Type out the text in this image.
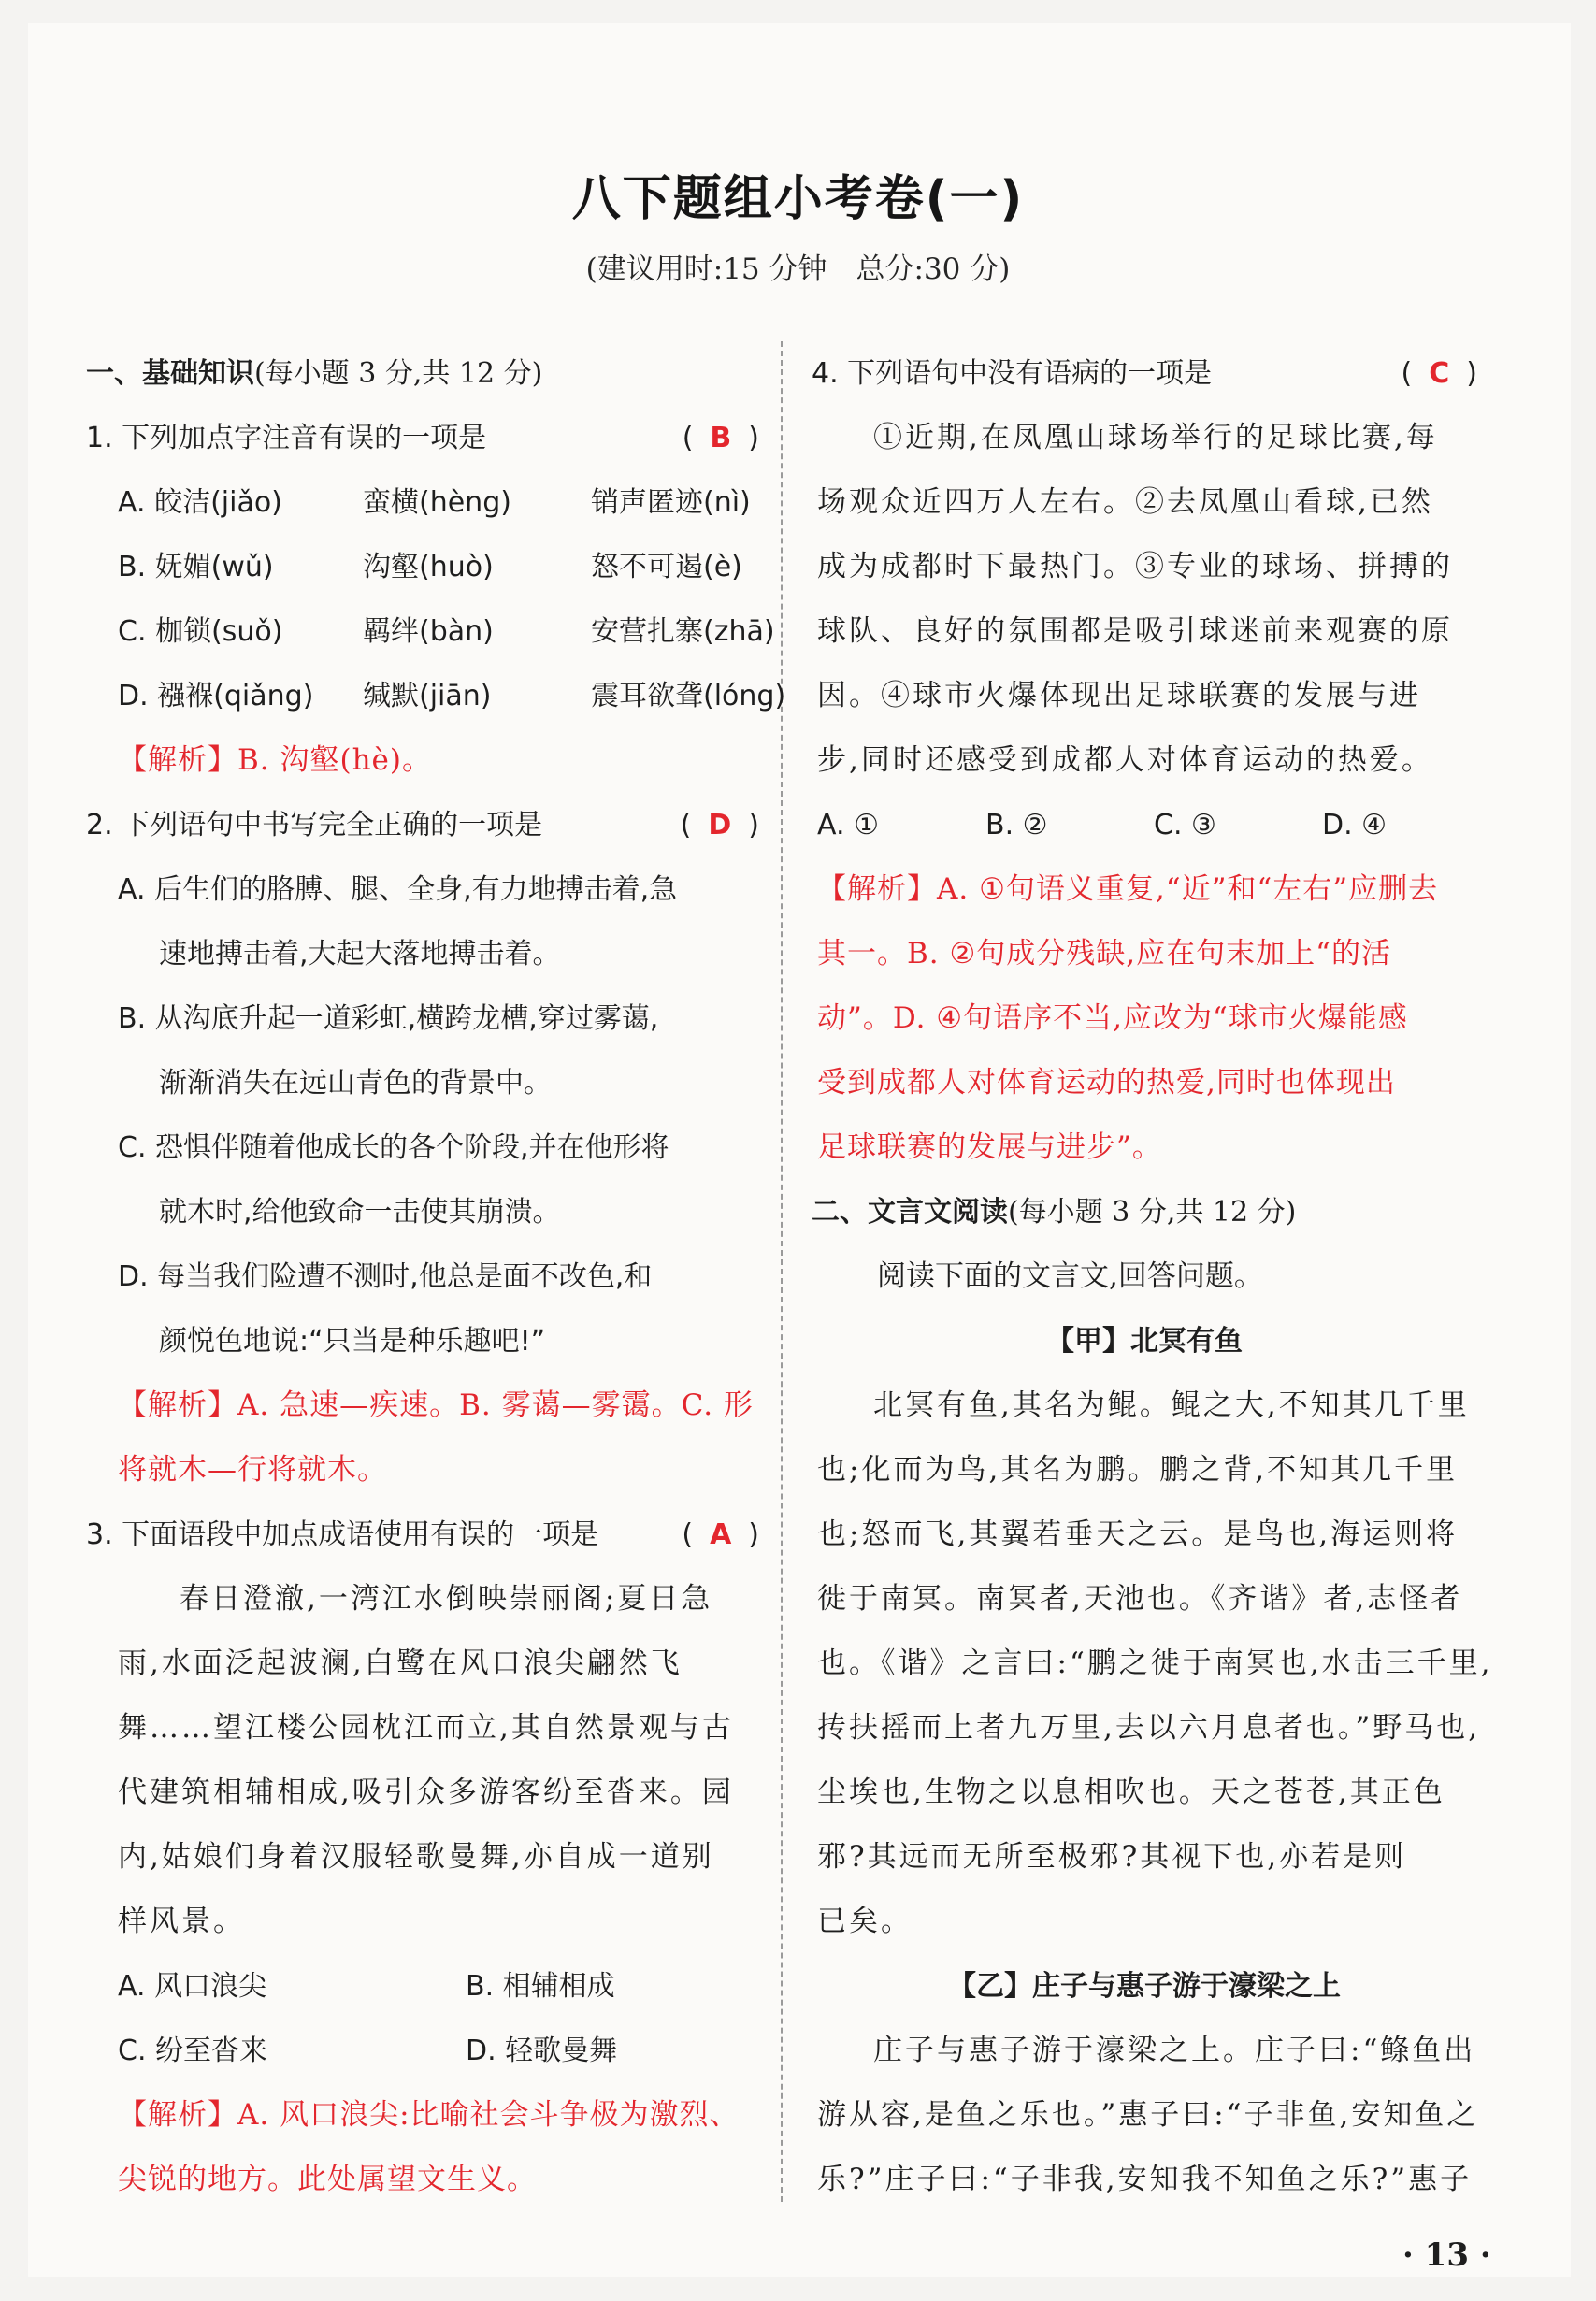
八下题组小考卷(一)
(建议用时:15 分钟　总分:30 分)
一、基础知识(每小题 3 分,共 12 分)
1. 下列加点字注音有误的一项是	( B )
A. 皎洁(jiǎo)	蛮横(hèng)	销声匿迹(nì)
B. 妩媚(wǔ)	沟壑(huò)	怒不可遏(è)
C. 枷锁(suǒ)	羁绊(bàn)	安营扎寨(zhā)
D. 襁褓(qiǎng) 缄默(jiān)	震耳欲聋(lóng)
【解析】B. 沟壑(hè)。
2. 下列语句中书写完全正确的一项是	( D )
A. 后生们的胳膊、腿、全身,有力地搏击着,急
速地搏击着,大起大落地搏击着。
B. 从沟底升起一道彩虹,横跨龙槽,穿过雾蔼,
渐渐消失在远山青色的背景中。
C. 恐惧伴随着他成长的各个阶段,并在他形将
就木时,给他致命一击使其崩溃。
D. 每当我们险遭不测时,他总是面不改色,和
颜悦色地说:“只当是种乐趣吧!”
【解析】A. 急速—疾速。B. 雾蔼—雾霭。C. 形
将就木—行将就木。
3. 下面语段中加点成语使用有误的一项是	( A )
春日澄澈,一湾江水倒映崇丽阁;夏日急
雨,水面泛起波澜,白鹭在风口浪尖翩然飞
舞……望江楼公园枕江而立,其自然景观与古
代建筑相辅相成,吸引众多游客纷至沓来。园
内,姑娘们身着汉服轻歌曼舞,亦自成一道别
样风景。
A. 风口浪尖	B. 相辅相成
C. 纷至沓来	D. 轻歌曼舞
【解析】A. 风口浪尖:比喻社会斗争极为激烈、
尖锐的地方。此处属望文生义。
4. 下列语句中没有语病的一项是	( C )
①近期,在凤凰山球场举行的足球比赛,每
场观众近四万人左右。②去凤凰山看球,已然
成为成都时下最热门。③专业的球场、拼搏的
球队、良好的氛围都是吸引球迷前来观赛的原
因。④球市火爆体现出足球联赛的发展与进
步,同时还感受到成都人对体育运动的热爱。
A. ①	B. ②	C. ③	D. ④
【解析】A. ①句语义重复,“近”和“左右”应删去
其一。B. ②句成分残缺,应在句末加上“的活
动”。D. ④句语序不当,应改为“球市火爆能感
受到成都人对体育运动的热爱,同时也体现出
足球联赛的发展与进步”。
二、文言文阅读(每小题 3 分,共 12 分)
阅读下面的文言文,回答问题。
【甲】北冥有鱼
北冥有鱼,其名为鲲。鲲之大,不知其几千里
也;化而为鸟,其名为鹏。鹏之背,不知其几千里
也;怒而飞,其翼若垂天之云。是鸟也,海运则将
徙于南冥。南冥者,天池也。《齐谐》者,志怪者
也。《谐》之言曰:“鹏之徙于南冥也,水击三千里,
抟扶摇而上者九万里,去以六月息者也。”野马也,
尘埃也,生物之以息相吹也。天之苍苍,其正色
邪?其远而无所至极邪?其视下也,亦若是则
已矣。
【乙】庄子与惠子游于濠梁之上
庄子与惠子游于濠梁之上。庄子曰:“鲦鱼出
游从容,是鱼之乐也。”惠子曰:“子非鱼,安知鱼之
乐?”庄子曰:“子非我,安知我不知鱼之乐?”惠子
· 13 ·
